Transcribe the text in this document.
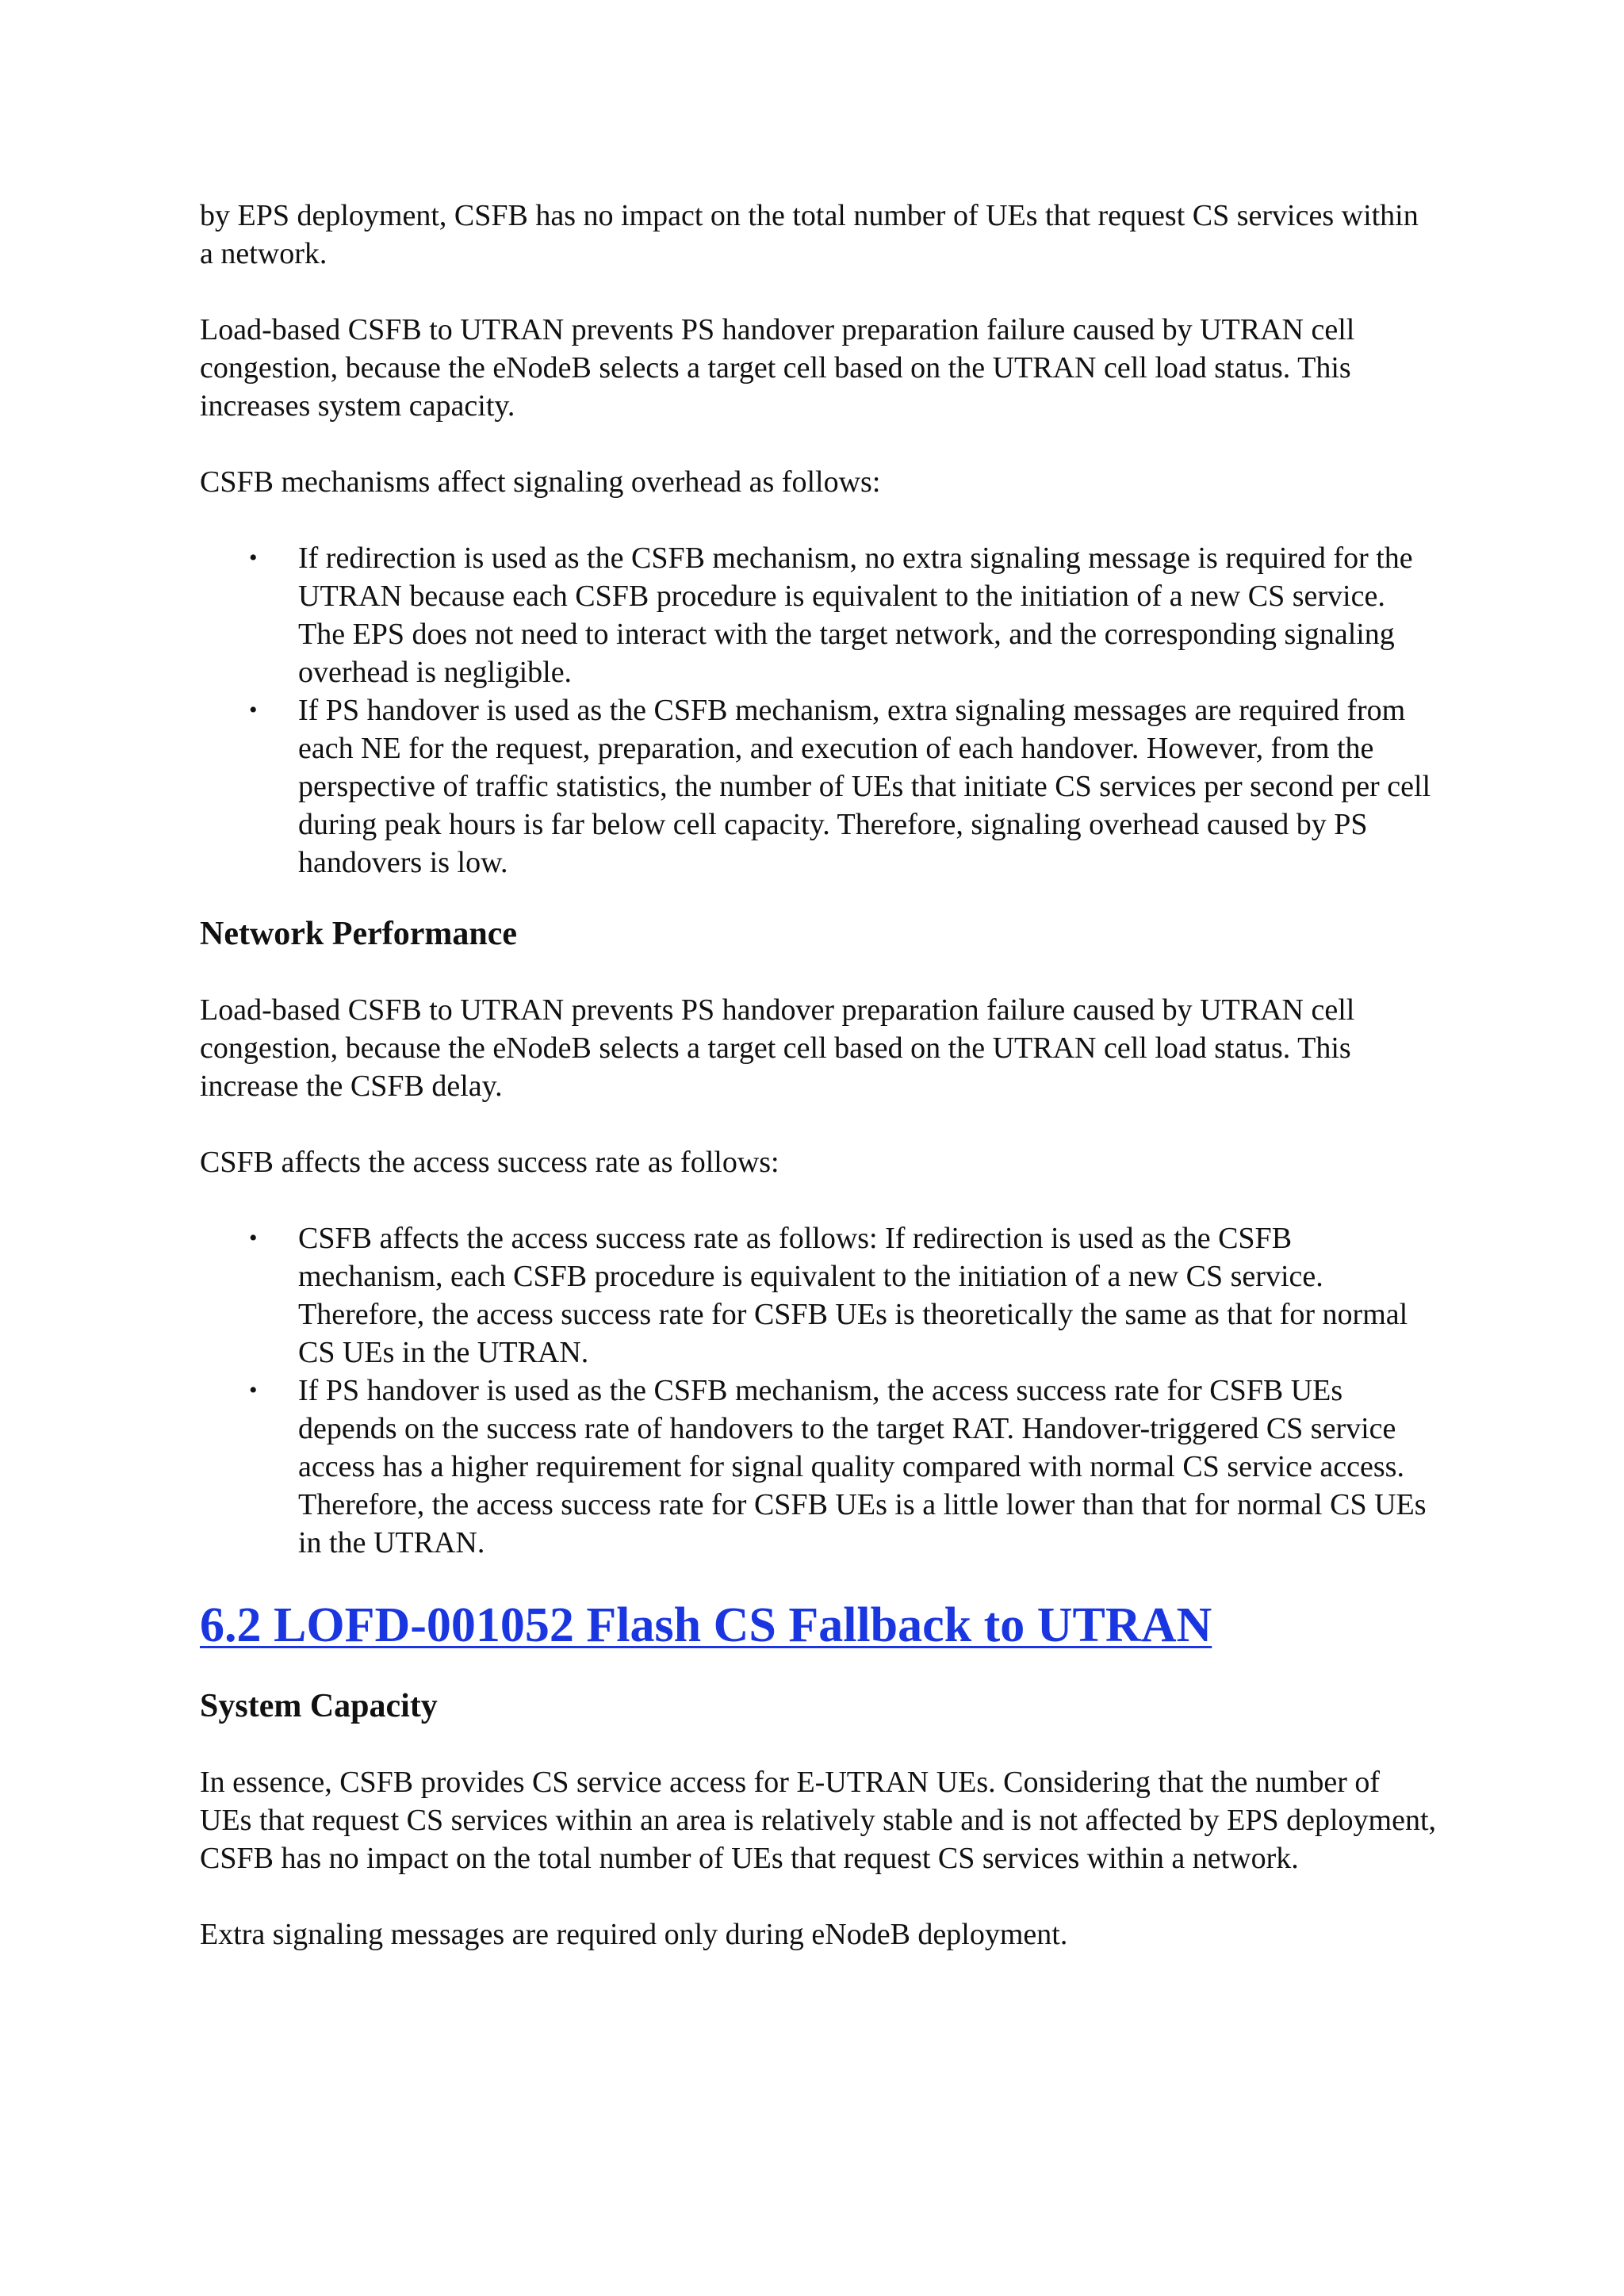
by EPS deployment, CSFB has no impact on the total number of UEs that request CS services within a network.

Load-based CSFB to UTRAN prevents PS handover preparation failure caused by UTRAN cell congestion, because the eNodeB selects a target cell based on the UTRAN cell load status. This increases system capacity.

CSFB mechanisms affect signaling overhead as follows:

• If redirection is used as the CSFB mechanism, no extra signaling message is required for the UTRAN because each CSFB procedure is equivalent to the initiation of a new CS service. The EPS does not need to interact with the target network, and the corresponding signaling overhead is negligible.
• If PS handover is used as the CSFB mechanism, extra signaling messages are required from each NE for the request, preparation, and execution of each handover. However, from the perspective of traffic statistics, the number of UEs that initiate CS services per second per cell during peak hours is far below cell capacity. Therefore, signaling overhead caused by PS handovers is low.
Network Performance

Load-based CSFB to UTRAN prevents PS handover preparation failure caused by UTRAN cell congestion, because the eNodeB selects a target cell based on the UTRAN cell load status. This increase the CSFB delay.

CSFB affects the access success rate as follows:

• CSFB affects the access success rate as follows: If redirection is used as the CSFB mechanism, each CSFB procedure is equivalent to the initiation of a new CS service. Therefore, the access success rate for CSFB UEs is theoretically the same as that for normal CS UEs in the UTRAN.
• If PS handover is used as the CSFB mechanism, the access success rate for CSFB UEs depends on the success rate of handovers to the target RAT. Handover-triggered CS service access has a higher requirement for signal quality compared with normal CS service access. Therefore, the access success rate for CSFB UEs is a little lower than that for normal CS UEs in the UTRAN.
6.2 LOFD-001052 Flash CS Fallback to UTRAN
System Capacity

In essence, CSFB provides CS service access for E-UTRAN UEs. Considering that the number of UEs that request CS services within an area is relatively stable and is not affected by EPS deployment, CSFB has no impact on the total number of UEs that request CS services within a network.

Extra signaling messages are required only during eNodeB deployment.
